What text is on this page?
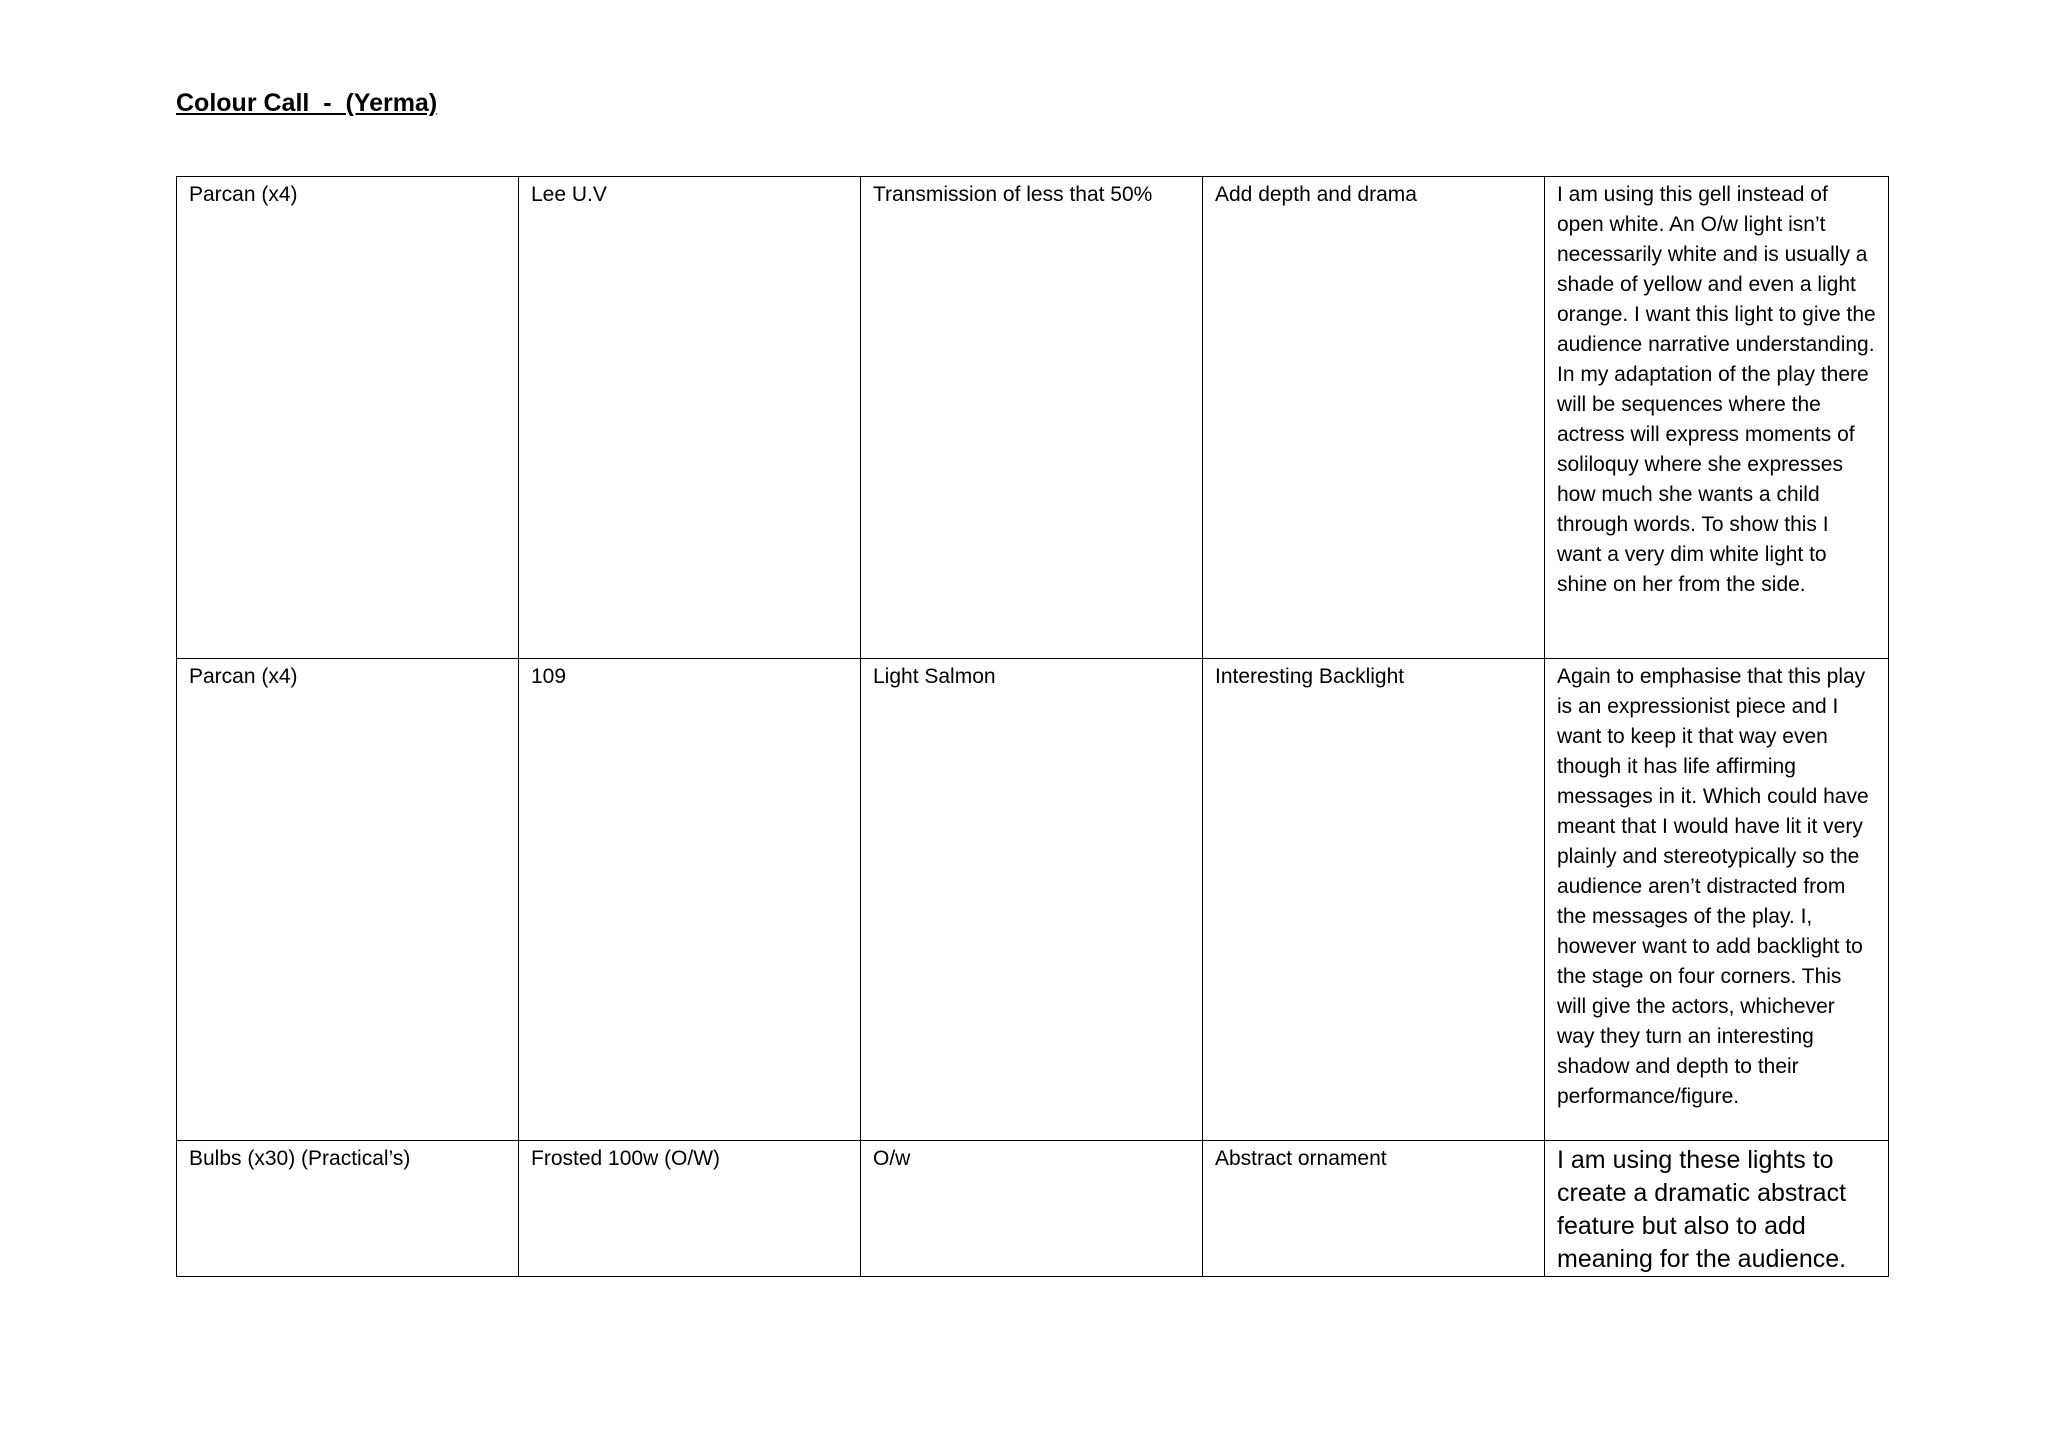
Colour Call  -  (Yerma)
Parcan (x4)	Lee U.V	Transmission of less that 50%	Add depth and drama	I am using this gell instead of open white. An O/w light isn’t necessarily white and is usually a shade of yellow and even a light orange. I want this light to give the audience narrative understanding. In my adaptation of the play there will be sequences where the actress will express moments of soliloquy where she expresses how much she wants a child through words. To show this I want a very dim white light to shine on her from the side.
Parcan (x4)	109	Light Salmon	Interesting Backlight	Again to emphasise that this play is an expressionist piece and I want to keep it that way even though it has life affirming messages in it. Which could have meant that I would have lit it very plainly and stereotypically so the audience aren’t distracted from the messages of the play. I, however want to add backlight to the stage on four corners. This will give the actors, whichever way they turn an interesting shadow and depth to their performance/figure.
Bulbs (x30) (Practical’s)	Frosted 100w (O/W)	O/w	Abstract ornament	I am using these lights to create a dramatic abstract feature but also to add meaning for the audience.
